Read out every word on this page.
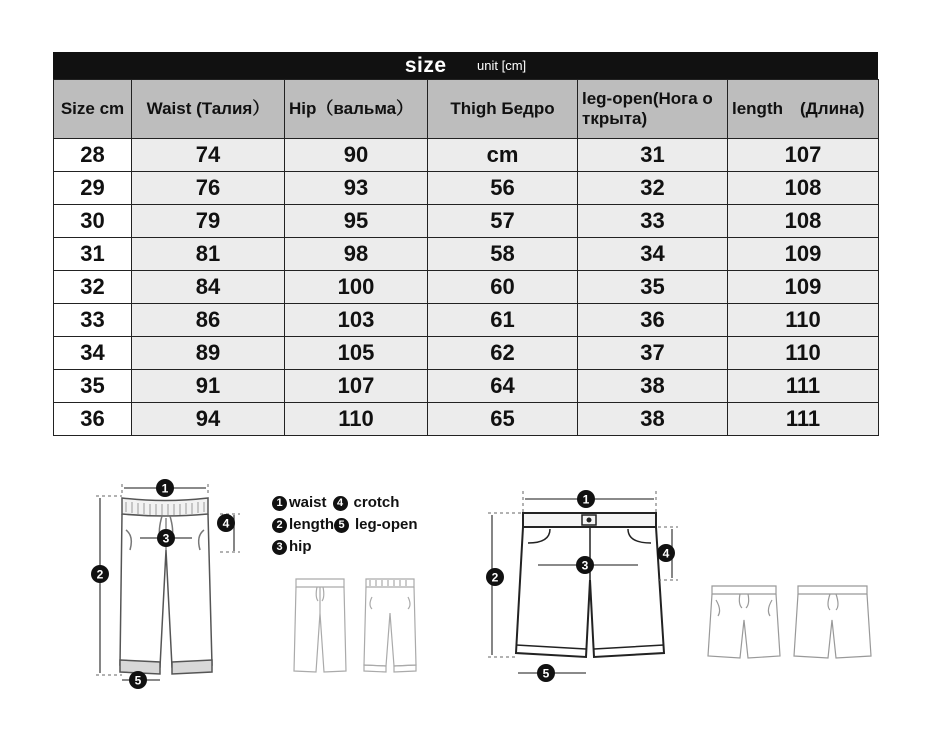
size unit [cm]
Size cm	Waist (Талия）	Hip（вальма）	Thigh Бедро	leg-open(Нога о ткрыта)	length　(Длина)
28	74	90	cm	31	107
29	76	93	56	32	108
30	79	95	57	33	108
31	81	98	58	34	109
32	84	100	60	35	109
33	86	103	61	36	110
34	89	105	62	37	110
35	91	107	64	38	111
36	94	110	65	38	111
1
3
2
4
5
1 waist 4 crotch
2 length 5 leg-open
3 hip
1
3
2
4
5
